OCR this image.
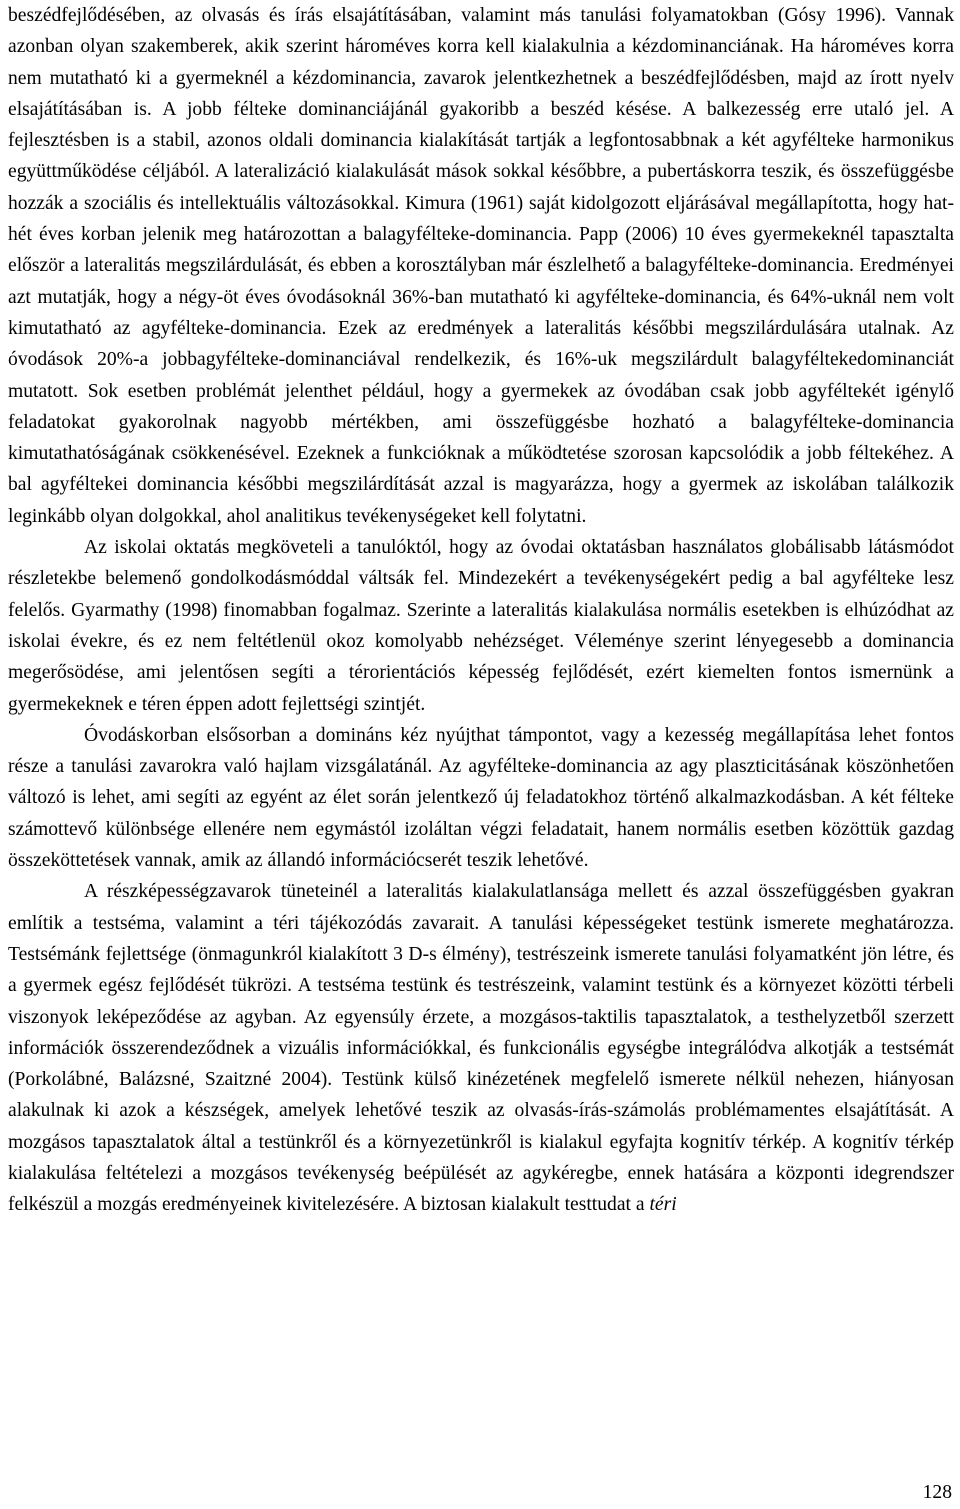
beszédfejlődésében, az olvasás és írás elsajátításában, valamint más tanulási folyamatokban (Gósy 1996). Vannak azonban olyan szakemberek, akik szerint hároméves korra kell kialakulnia a kézdominanciának. Ha hároméves korra nem mutatható ki a gyermeknél a kézdominancia, zavarok jelentkezhetnek a beszédfejlődésben, majd az írott nyelv elsajátításában is. A jobb félteke dominanciájánál gyakoribb a beszéd késése. A balkezesség erre utaló jel. A fejlesztésben is a stabil, azonos oldali dominancia kialakítását tartják a legfontosabbnak a két agyfélteke harmonikus együttműködése céljából. A lateralizáció kialakulását mások sokkal későbbre, a pubertáskorra teszik, és összefüggésbe hozzák a szociális és intellektuális változásokkal. Kimura (1961) saját kidolgozott eljárásával megállapította, hogy hat-hét éves korban jelenik meg határozottan a balagyfélteke-dominancia. Papp (2006) 10 éves gyermekeknél tapasztalta először a lateralitás megszilárdulását, és ebben a korosztályban már észlelhető a balagyfélteke-dominancia. Eredményei azt mutatják, hogy a négy-öt éves óvodásoknál 36%-ban mutatható ki agyfélteke-dominancia, és 64%-uknál nem volt kimutatható az agyfélteke-dominancia. Ezek az eredmények a lateralitás későbbi megszilárdulására utalnak. Az óvodások 20%-a jobbagyfélteke-dominanciával rendelkezik, és 16%-uk megszilárdult balagyféltekedominanciát mutatott. Sok esetben problémát jelenthet például, hogy a gyermekek az óvodában csak jobb agyféltekét igénylő feladatokat gyakorolnak nagyobb mértékben, ami összefüggésbe hozható a balagyfélteke-dominancia kimutathatóságának csökkenésével. Ezeknek a funkcióknak a működtetése szorosan kapcsolódik a jobb féltekéhez. A bal agyféltekei dominancia későbbi megszilárdítását azzal is magyarázza, hogy a gyermek az iskolában találkozik leginkább olyan dolgokkal, ahol analitikus tevékenységeket kell folytatni.

Az iskolai oktatás megköveteli a tanulóktól, hogy az óvodai oktatásban használatos globálisabb látásmódot részletekbe belemenő gondolkodásmóddal váltsák fel. Mindezekért a tevékenységekért pedig a bal agyfélteke lesz felelős. Gyarmathy (1998) finomabban fogalmaz. Szerinte a lateralitás kialakulása normális esetekben is elhúzódhat az iskolai évekre, és ez nem feltétlenül okoz komolyabb nehézséget. Véleménye szerint lényegesebb a dominancia megerősödése, ami jelentősen segíti a térorientációs képesség fejlődését, ezért kiemelten fontos ismernünk a gyermekeknek e téren éppen adott fejlettségi szintjét.

Óvodáskorban elsősorban a domináns kéz nyújthat támpontot, vagy a kezesség megállapítása lehet fontos része a tanulási zavarokra való hajlam vizsgálatánál. Az agyfélteke-dominancia az agy plaszticitásának köszönhetően változó is lehet, ami segíti az egyént az élet során jelentkező új feladatokhoz történő alkalmazkodásban. A két félteke számottevő különbsége ellenére nem egymástól izoláltan végzi feladatait, hanem normális esetben közöttük gazdag összeköttetések vannak, amik az állandó információcserét teszik lehetővé.

A részképességzavarok tüneteinél a lateralitás kialakulatlansága mellett és azzal összefüggésben gyakran említik a testséma, valamint a téri tájékozódás zavarait. A tanulási képességeket testünk ismerete meghatározza. Testsémánk fejlettsége (önmagunkról kialakított 3 D-s élmény), testrészeink ismerete tanulási folyamatként jön létre, és a gyermek egész fejlődését tükrözi. A testséma testünk és testrészeink, valamint testünk és a környezet közötti térbeli viszonyok leképeződése az agyban. Az egyensúly érzete, a mozgásos-taktilis tapasztalatok, a testhelyzetből szerzett információk összerendeződnek a vizuális információkkal, és funkcionális egységbe integrálódva alkotják a testsémát (Porkolábné, Balázsné, Szaitzné 2004). Testünk külső kinézetének megfelelő ismerete nélkül nehezen, hiányosan alakulnak ki azok a készségek, amelyek lehetővé teszik az olvasás-írás-számolás problémamentes elsajátítását. A mozgásos tapasztalatok által a testünkről és a környezetünkről is kialakul egyfajta kognitív térkép. A kognitív térkép kialakulása feltételezi a mozgásos tevékenység beépülését az agykéregbe, ennek hatására a központi idegrendszer felkészül a mozgás eredményeinek kivitelezésére. A biztosan kialakult testtudat a téri

128
